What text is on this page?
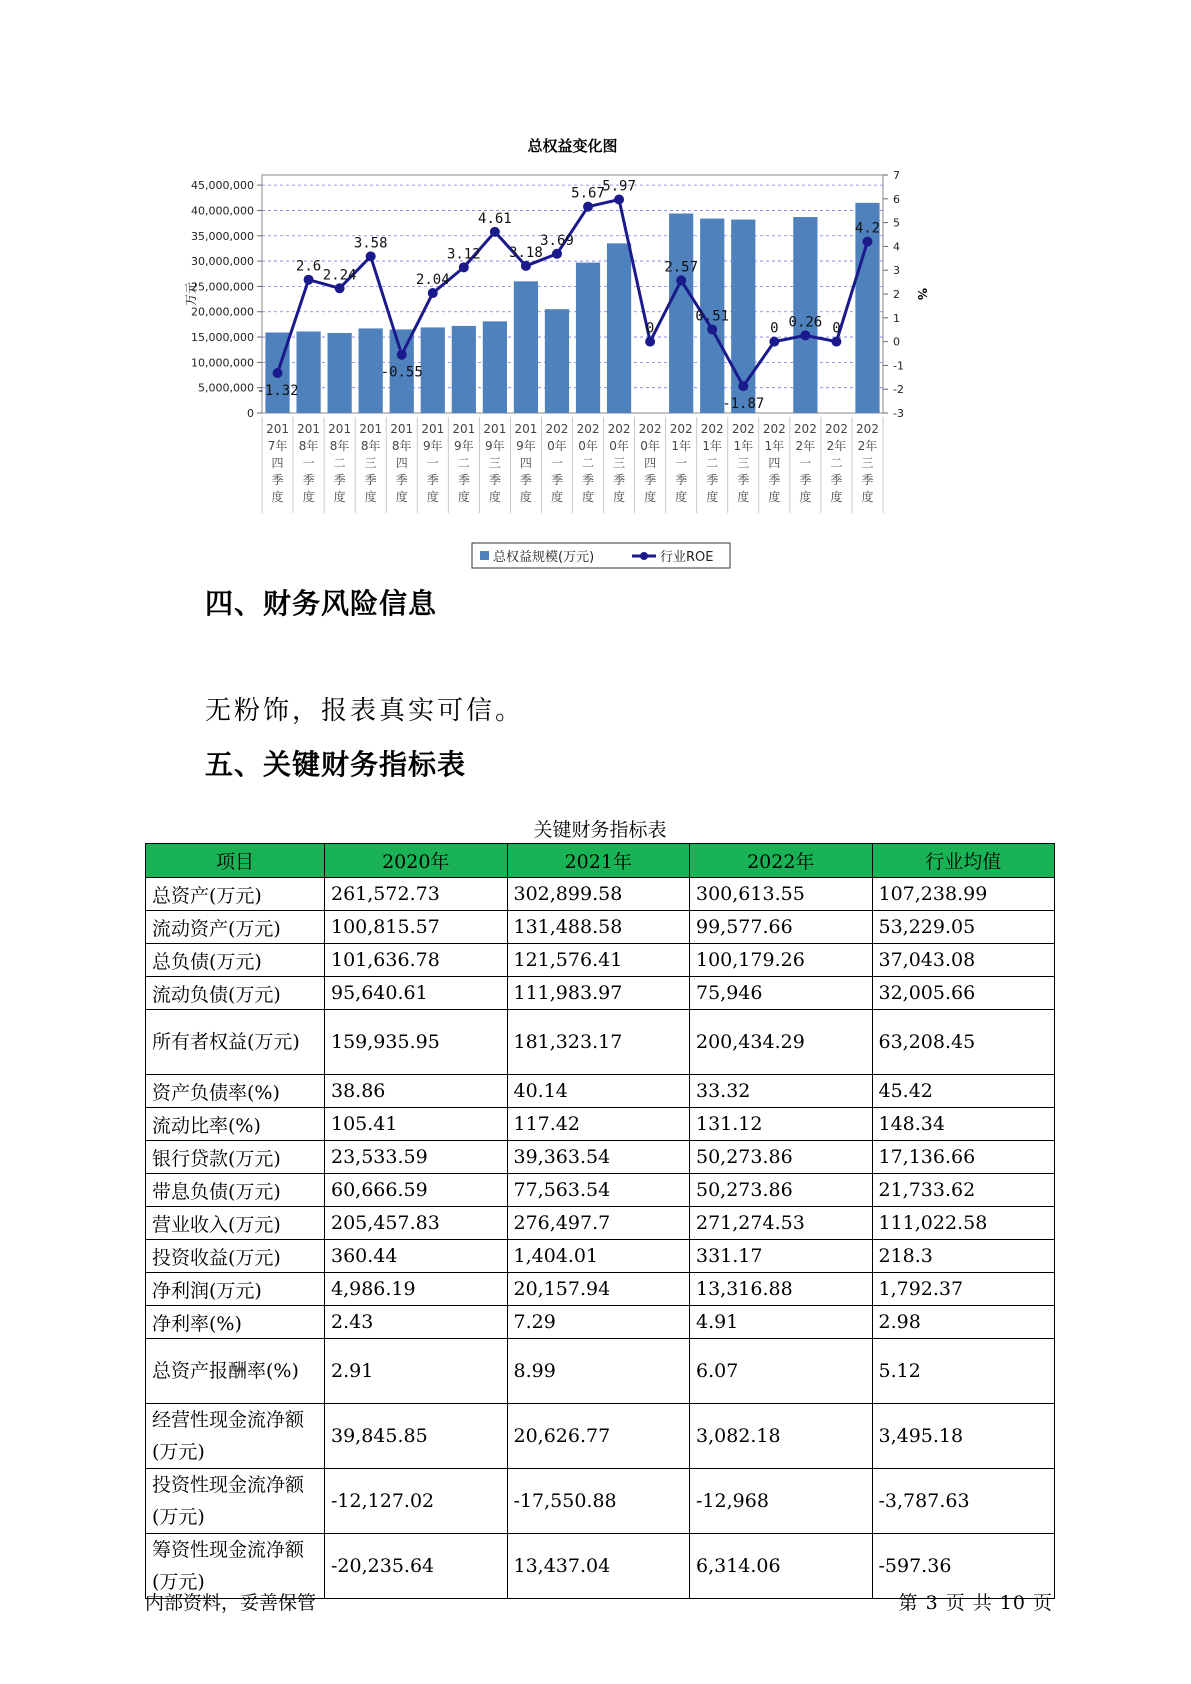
总权益变化图
0
5,000,000
10,000,000
15,000,000
20,000,000
25,000,000
30,000,000
35,000,000
40,000,000
45,000,000
-3
-2
-1
0
1
2
3
4
5
6
7
万元	%
-1.32
2.6
2.24
3.58
-0.55
2.04
3.12
4.61
3.18
3.69
5.67
5.97
0
2.57
0.51
-1.87
0 0.26 0
4.2
201
7年
四
季
度
201
8年
一
季
度
201
8年
二
季
度
201
8年
三
季
度
201
8年
四
季
度
201
9年
一
季
度
201
9年
二
季
度
201
9年
三
季
度
201
9年
四
季
度
202
0年
一
季
度
202
0年
二
季
度
202
0年
三
季
度
202
0年
四
季
度
202
1年
一
季
度
202
1年
二
季
度
202
1年
三
季
度
202
1年
四
季
度
202
2年
一
季
度
202
2年
二
季
度
202
2年
三
季
度
总权益规模(万元)	行业ROE
四、财务风险信息
无粉饰，报表真实可信。
五、关键财务指标表
关键财务指标表
项目	2020年	2021年	2022年	行业均值
总资产(万元)	261,572.73	302,899.58	300,613.55	107,238.99
流动资产(万元)	100,815.57	131,488.58	99,577.66	53,229.05
总负债(万元)	101,636.78	121,576.41	100,179.26	37,043.08
流动负债(万元)	95,640.61	111,983.97	75,946	32,005.66
所有者权益(万元)	159,935.95	181,323.17	200,434.29	63,208.45
资产负债率(%)	38.86	40.14	33.32	45.42
流动比率(%)	105.41	117.42	131.12	148.34
银行贷款(万元)	23,533.59	39,363.54	50,273.86	17,136.66
带息负债(万元)	60,666.59	77,563.54	50,273.86	21,733.62
营业收入(万元)	205,457.83	276,497.7	271,274.53	111,022.58
投资收益(万元)	360.44	1,404.01	331.17	218.3
净利润(万元)	4,986.19	20,157.94	13,316.88	1,792.37
净利率(%)	2.43	7.29	4.91	2.98
总资产报酬率(%)	2.91	8.99	6.07	5.12
经营性现金流净额(万元)	39,845.85	20,626.77	3,082.18	3,495.18
投资性现金流净额(万元)	-12,127.02	-17,550.88	-12,968	-3,787.63
筹资性现金流净额(万元)	-20,235.64	13,437.04	6,314.06	-597.36
内部资料，妥善保管	第 3 页 共 10 页
